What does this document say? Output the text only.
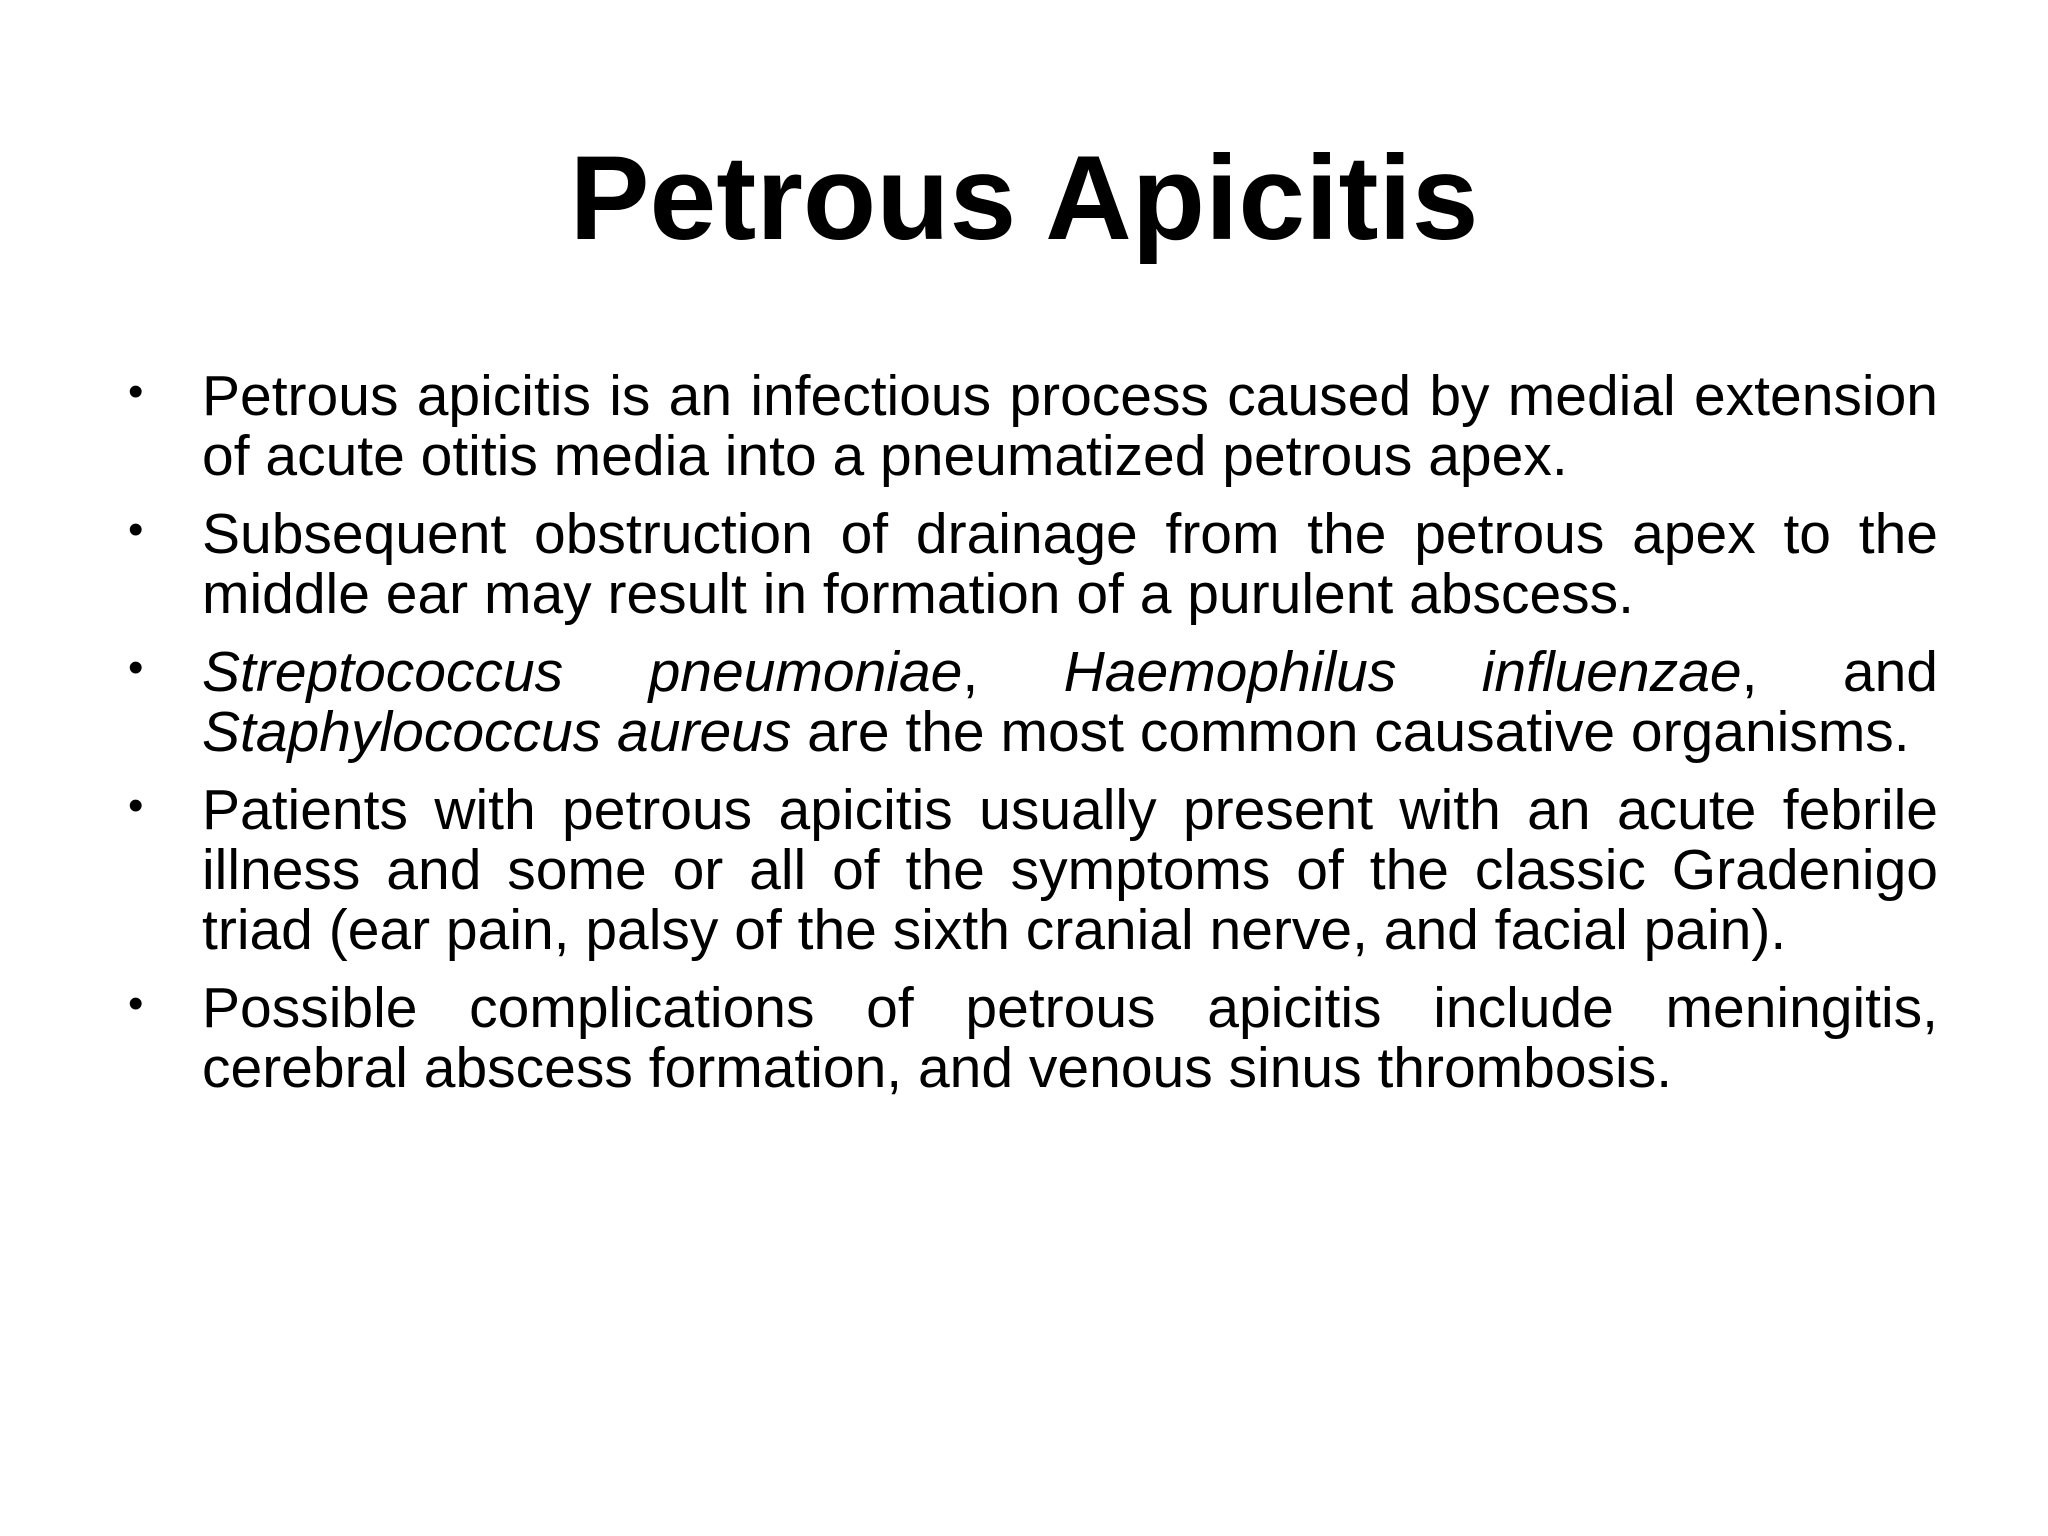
Petrous Apicitis
• Petrous apicitis is an infectious process caused by medial extension of acute otitis media into a pneumatized petrous apex.
• Subsequent obstruction of drainage from the petrous apex to the middle ear may result in formation of a purulent abscess.
• Streptococcus pneumoniae, Haemophilus influenzae, and Staphylococcus aureus are the most common causative organisms.
• Patients with petrous apicitis usually present with an acute febrile illness and some or all of the symptoms of the classic Gradenigo triad (ear pain, palsy of the sixth cranial nerve, and facial pain).
• Possible complications of petrous apicitis include meningitis, cerebral abscess formation, and venous sinus thrombosis.
